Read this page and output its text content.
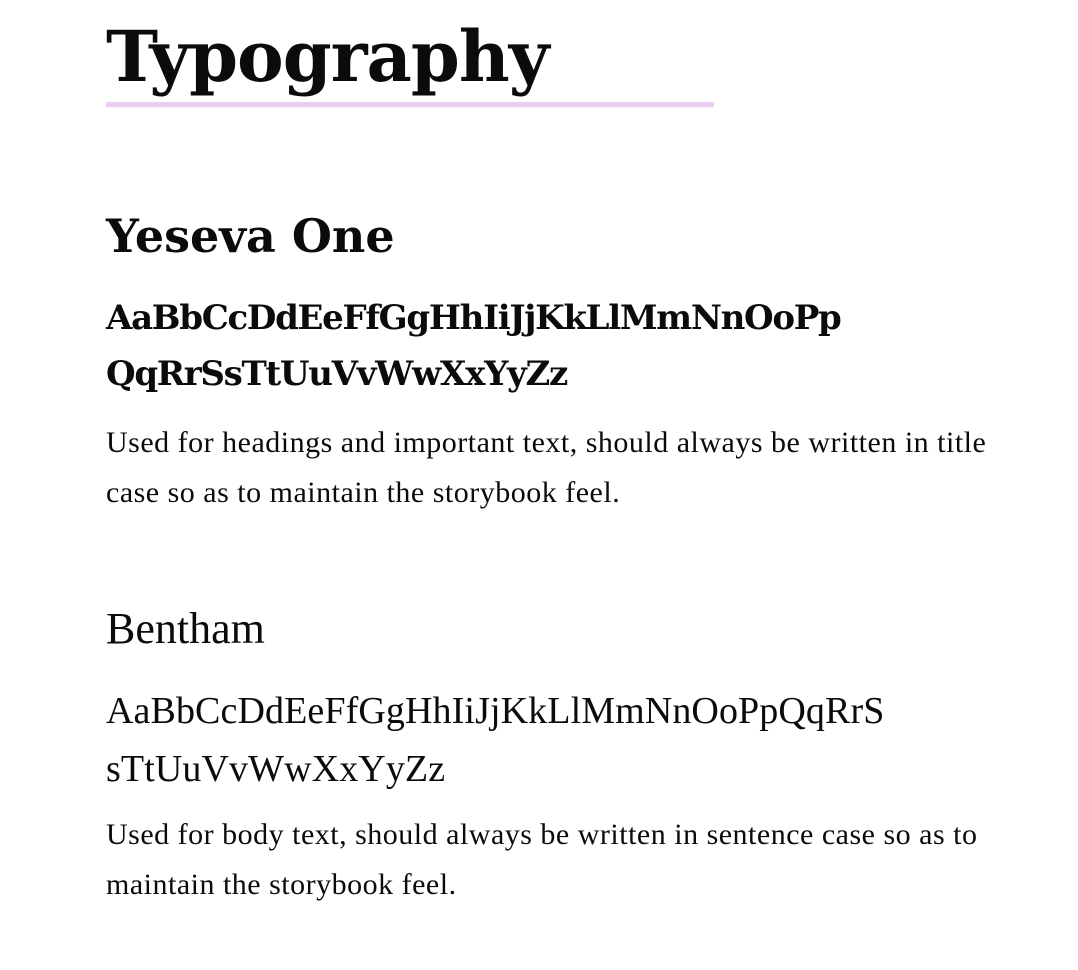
Typography
Yeseva One

AaBbCcDdEeFfGgHhIiJjKkLlMmNnOoPp
QqRrSsTtUuVvWwXxYyZz

Used for headings and important text, should always be written in title case so as to maintain the storybook feel.

Bentham

AaBbCcDdEeFfGgHhIiJjKkLlMmNnOoPpQqRrS
sTtUuVvWwXxYyZz

Used for body text, should always be written in sentence case so as to maintain the storybook feel.
